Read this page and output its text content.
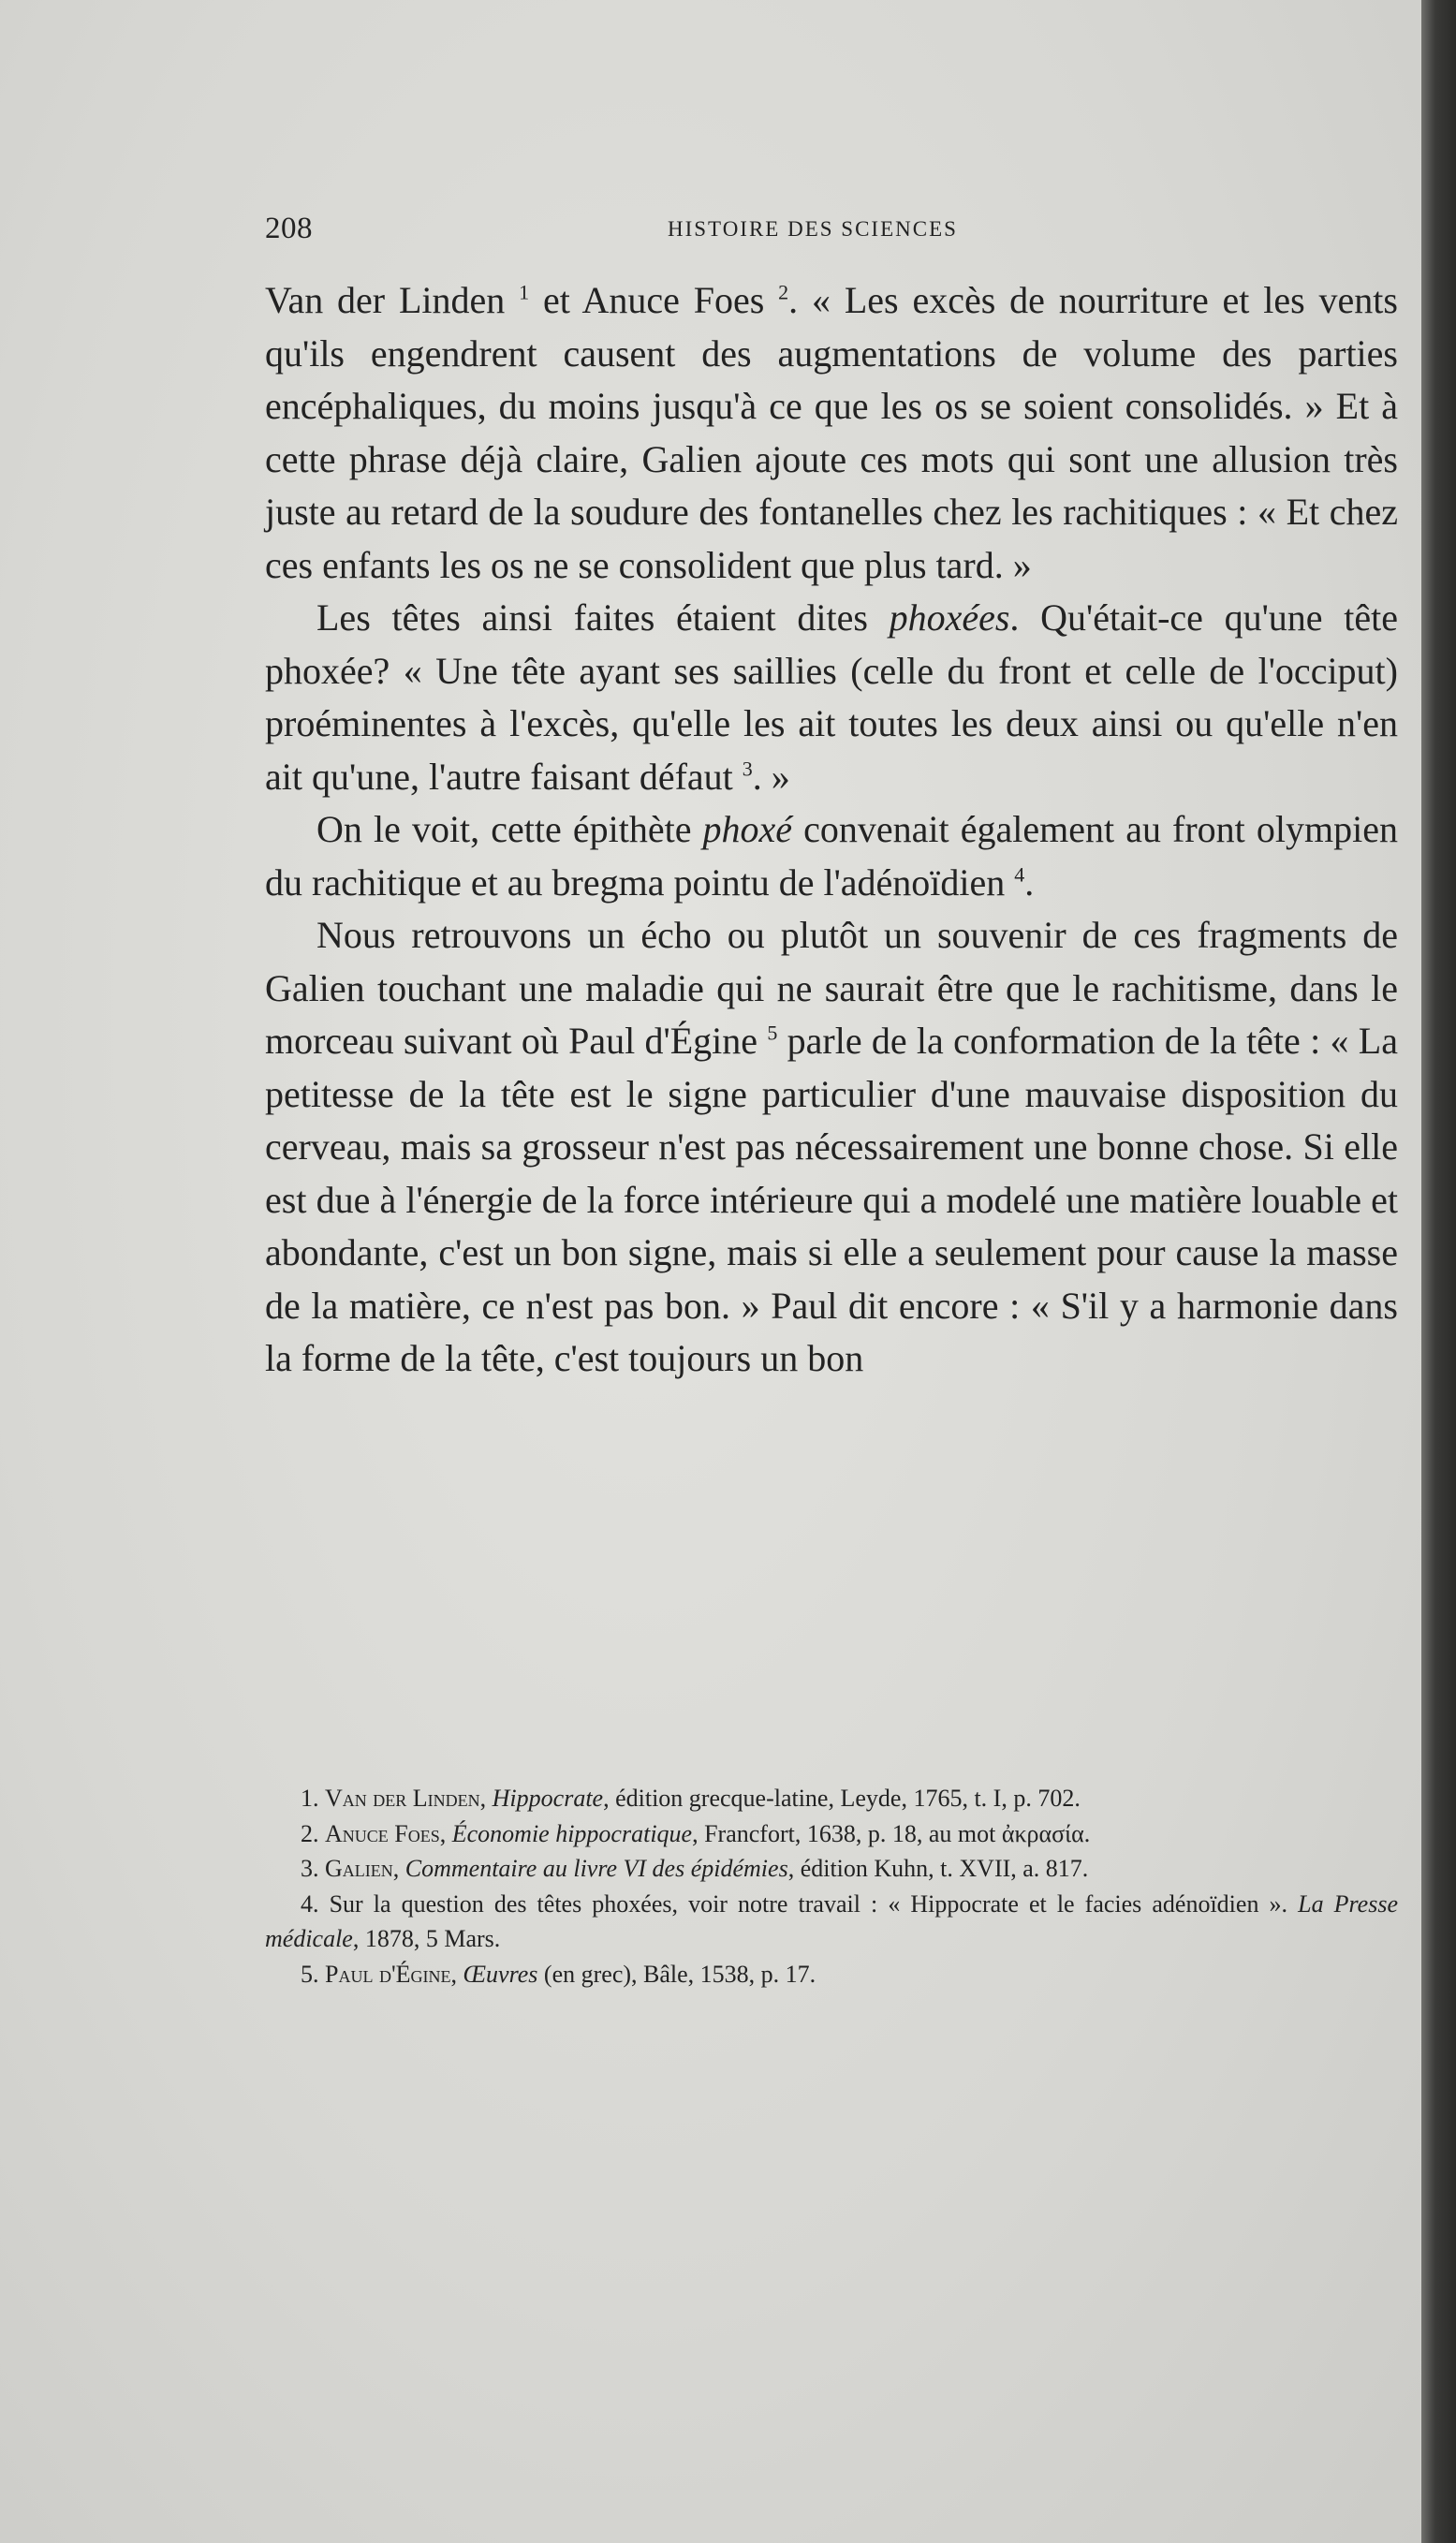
208	HISTOIRE DES SCIENCES

Van der Linden $^1$ et Anuce Foes $^2$. « Les excès de nourriture et les vents qu'ils engendrent causent des augmentations de volume des parties encéphaliques, du moins jusqu'à ce que les os se soient consolidés. » Et à cette phrase déjà claire, Galien ajoute ces mots qui sont une allusion très juste au retard de la soudure des fontanelles chez les rachitiques : « Et chez ces enfants les os ne se consolident que plus tard. »

Les têtes ainsi faites étaient dites phoxées. Qu'était-ce qu'une tête phoxée? « Une tête ayant ses saillies (celle du front et celle de l'occiput) proéminentes à l'excès, qu'elle les ait toutes les deux ainsi ou qu'elle n'en ait qu'une, l'autre faisant défaut $^3$. »

On le voit, cette épithète phoxé convenait également au front olympien du rachitique et au bregma pointu de l'adénoïdien $^4$.

Nous retrouvons un écho ou plutôt un souvenir de ces fragments de Galien touchant une maladie qui ne saurait être que le rachitisme, dans le morceau suivant où Paul d'Égine $^5$ parle de la conformation de la tête : « La petitesse de la tête est le signe particulier d'une mauvaise disposition du cerveau, mais sa grosseur n'est pas nécessairement une bonne chose. Si elle est due à l'énergie de la force intérieure qui a modelé une matière louable et abondante, c'est un bon signe, mais si elle a seulement pour cause la masse de la matière, ce n'est pas bon. » Paul dit encore : « S'il y a harmonie dans la forme de la tête, c'est toujours un bon

1. Van der Linden, Hippocrate, édition grecque-latine, Leyde, 1765, t. I, p. 702.

2. Anuce Foes, Économie hippocratique, Francfort, 1638, p. 18, au mot ἀκρασία.

3. Galien, Commentaire au livre VI des épidémies, édition Kuhn, t. XVII, a. 817.

4. Sur la question des têtes phoxées, voir notre travail : « Hippocrate et le facies adénoïdien ». La Presse médicale, 1878, 5 Mars.

5. Paul d'Égine, Œuvres (en grec), Bâle, 1538, p. 17.
